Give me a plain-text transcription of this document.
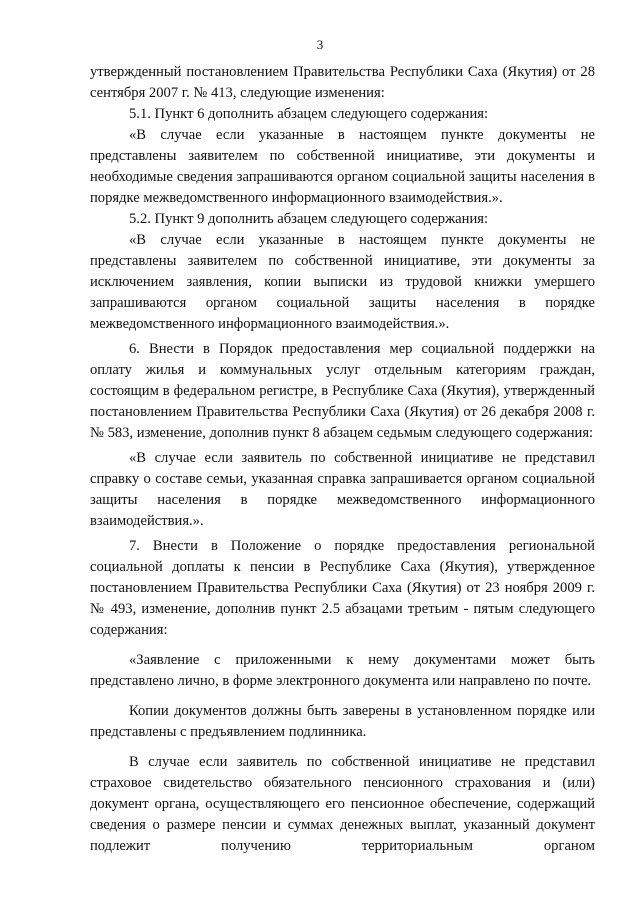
3

утвержденный постановлением Правительства Республики Саха (Якутия) от 28 сентября 2007 г. № 413, следующие изменения:

5.1. Пункт 6 дополнить абзацем следующего содержания:

«В случае если указанные в настоящем пункте документы не представлены заявителем по собственной инициативе, эти документы и необходимые сведения запрашиваются органом социальной защиты населения в порядке межведомственного информационного взаимодействия.».

5.2. Пункт 9 дополнить абзацем следующего содержания:

«В случае если указанные в настоящем пункте документы не представлены заявителем по собственной инициативе, эти документы за исключением заявления, копии выписки из трудовой книжки умершего запрашиваются органом социальной защиты населения в порядке межведомственного информационного взаимодействия.».

6. Внести в Порядок предоставления мер социальной поддержки на оплату жилья и коммунальных услуг отдельным категориям граждан, состоящим в федеральном регистре, в Республике Саха (Якутия), утвержденный постановлением Правительства Республики Саха (Якутия) от 26 декабря 2008 г. № 583, изменение, дополнив пункт 8 абзацем седьмым следующего содержания:

«В случае если заявитель по собственной инициативе не представил справку о составе семьи, указанная справка запрашивается органом социальной защиты населения в порядке межведомственного информационного взаимодействия.».

7. Внести в Положение о порядке предоставления региональной социальной доплаты к пенсии в Республике Саха (Якутия), утвержденное постановлением Правительства Республики Саха (Якутия) от 23 ноября 2009 г. № 493, изменение, дополнив пункт 2.5 абзацами третьим - пятым следующего содержания:

«Заявление с приложенными к нему документами может быть представлено лично, в форме электронного документа или направлено по почте.

Копии документов должны быть заверены в установленном порядке или представлены с предъявлением подлинника.

В случае если заявитель по собственной инициативе не представил страховое свидетельство обязательного пенсионного страхования и (или) документ органа, осуществляющего его пенсионное обеспечение, содержащий сведения о размере пенсии и суммах денежных выплат, указанный документ подлежит получению территориальным органом
